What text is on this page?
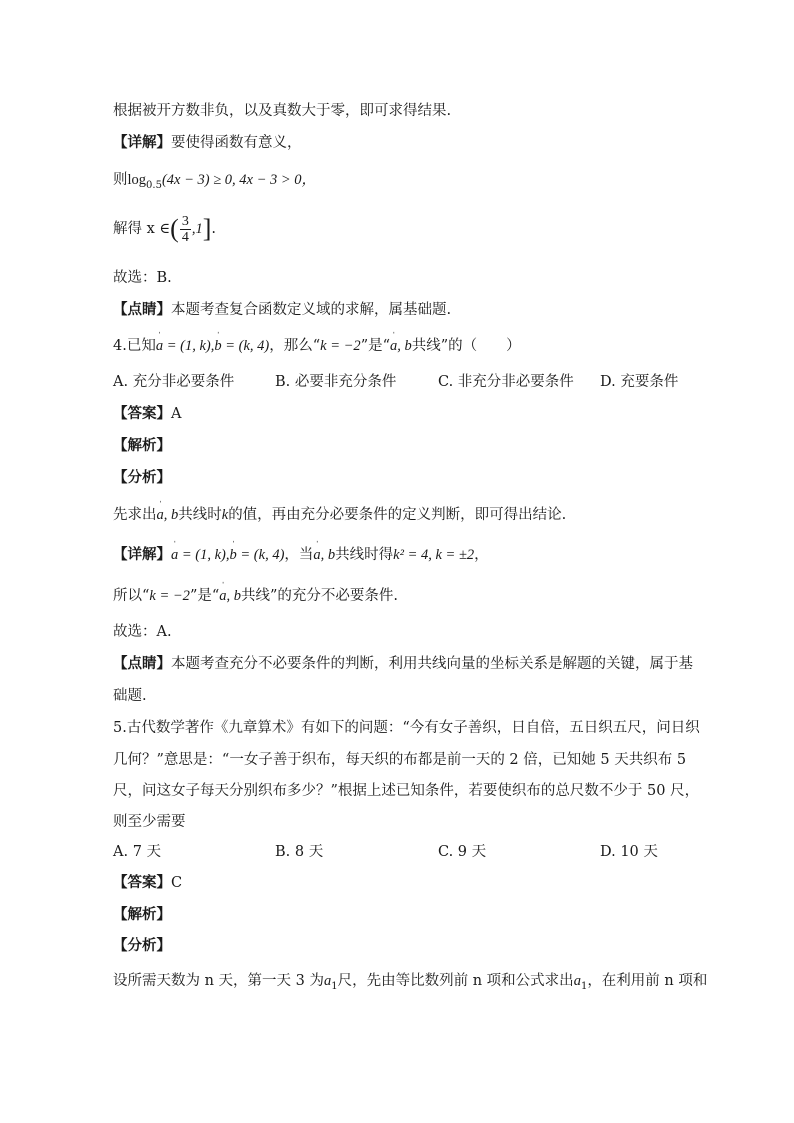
根据被开方数非负，以及真数大于零，即可求得结果.
【详解】要使得函数有意义，
则$\log_{0.5}(4x - 3) \ge 0$, 4x − 3 > 0，
解得 x ∈( $\frac{3}{4} ,1$].
故选：B.
【点睛】本题考查复合函数定义域的求解，属基础题.
4.已知ˈ a = (1, k),ˈ b = (k, 4)，那么“k = −2”是“ˈ a, b共线”的（　　）
A. 充分非必要条件	B. 必要非充分条件	C. 非充分非必要条件 D. 充要条件
【答案】A
【解析】
【分析】
先求出ˈ a, b共线时k的值，再由充分必要条件的定义判断，即可得出结论.
【详解】ˈ a = (1, k),ˈ b = (k, 4)，当ˈ a, b共线时得k² = 4, k = ±2，
所以“k = −2”是“ˈ a, b共线”的充分不必要条件.
故选：A.
【点睛】本题考查充分不必要条件的判断，利用共线向量的坐标关系是解题的关键，属于基
础题.
5.古代数学著作《九章算术》有如下的问题：“今有女子善织，日自倍，五日织五尺，问日织
几何？”意思是：“一女子善于织布，每天织的布都是前一天的 2 倍，已知她 5 天共织布 5
尺，问这女子每天分别织布多少？”根据上述已知条件，若要使织布的总尺数不少于 50 尺，
则至少需要
A. 7 天	B. 8 天	C. 9 天	D. 10 天
【答案】C
【解析】
【分析】
设所需天数为 n 天，第一天 3 为$a_1$尺，先由等比数列前 n 项和公式求出$a_1$，在利用前 n 项和
